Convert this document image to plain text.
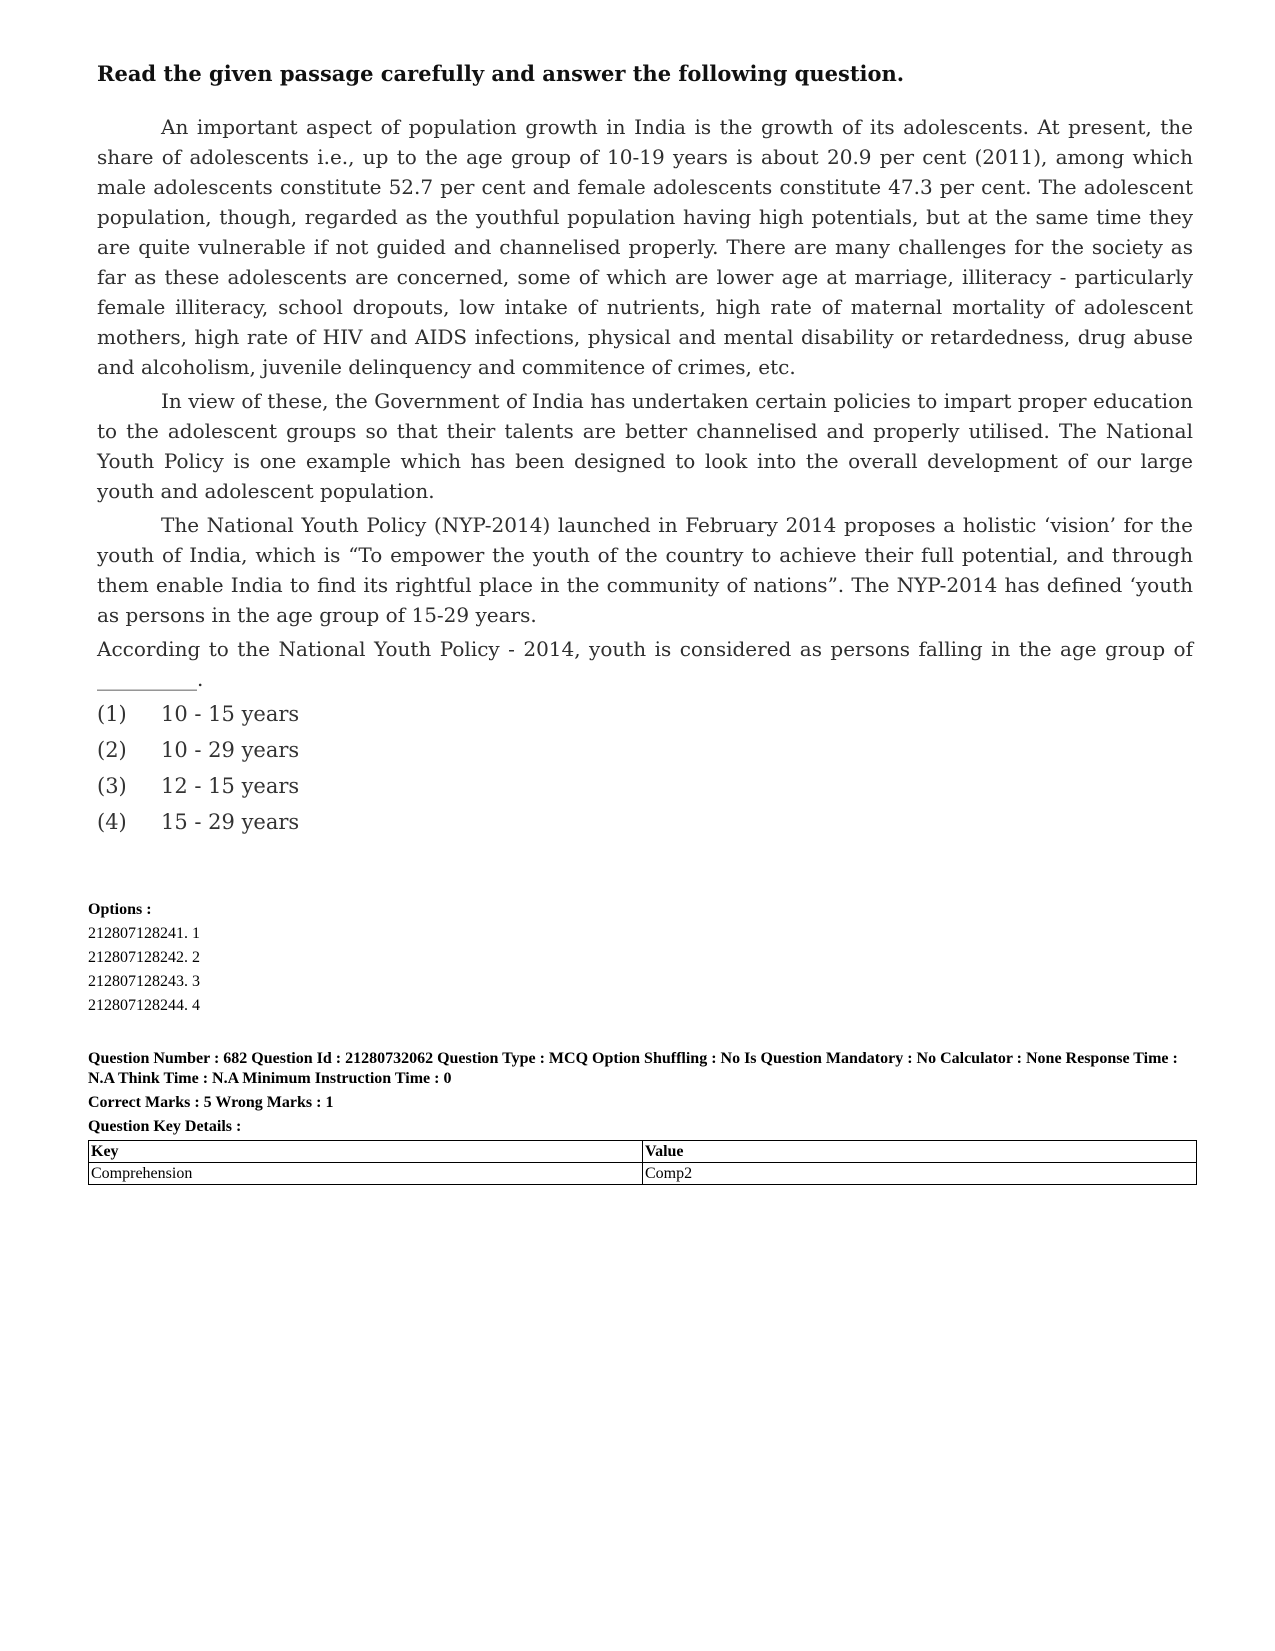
Read the given passage carefully and answer the following question.

An important aspect of population growth in India is the growth of its adolescents. At present, the share of adolescents i.e., up to the age group of 10-19 years is about 20.9 per cent (2011), among which male adolescents constitute 52.7 per cent and female adolescents constitute 47.3 per cent. The adolescent population, though, regarded as the youthful population having high potentials, but at the same time they are quite vulnerable if not guided and channelised properly. There are many challenges for the society as far as these adolescents are concerned, some of which are lower age at marriage, illiteracy - particularly female illiteracy, school dropouts, low intake of nutrients, high rate of maternal mortality of adolescent mothers, high rate of HIV and AIDS infections, physical and mental disability or retardedness, drug abuse and alcoholism, juvenile delinquency and commitence of crimes, etc.

In view of these, the Government of India has undertaken certain policies to impart proper education to the adolescent groups so that their talents are better channelised and properly utilised. The National Youth Policy is one example which has been designed to look into the overall development of our large youth and adolescent population.

The National Youth Policy (NYP-2014) launched in February 2014 proposes a holistic ‘vision’ for the youth of India, which is “To empower the youth of the country to achieve their full potential, and through them enable India to find its rightful place in the community of nations”. The NYP-2014 has defined ‘youth as persons in the age group of 15-29 years.

According to the National Youth Policy - 2014, youth is considered as persons falling in the age group of __________.

(1)	10 - 15 years
(2)	10 - 29 years
(3)	12 - 15 years
(4)	15 - 29 years
Options :
212807128241. 1
212807128242. 2
212807128243. 3
212807128244. 4
Question Number : 682 Question Id : 21280732062 Question Type : MCQ Option Shuffling : No Is Question Mandatory : No Calculator : None Response Time : N.A Think Time : N.A Minimum Instruction Time : 0
Correct Marks : 5 Wrong Marks : 1
Question Key Details :
Key	Value
Comprehension	Comp2
